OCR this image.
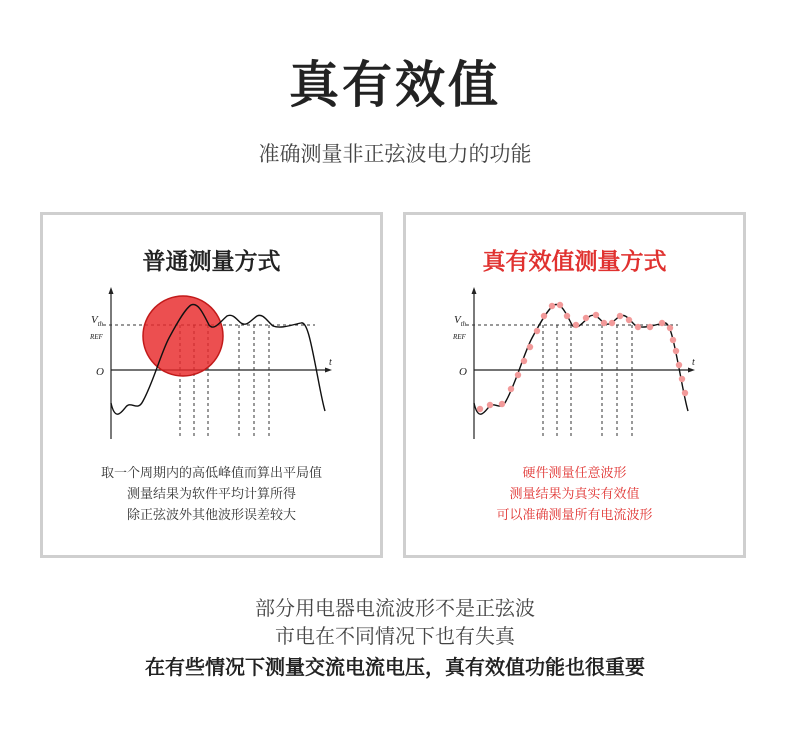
真有效值
准确测量非正弦波电力的功能
普通测量方式
$V_{th}$
REF
O
t
取一个周期内的高低峰值而算出平局值
测量结果为软件平均计算所得
除正弦波外其他波形误差较大
真有效值测量方式
$V_{th}$
REF
O
t
硬件测量任意波形
测量结果为真实有效值
可以准确测量所有电流波形
部分用电器电流波形不是正弦波
市电在不同情况下也有失真
在有些情况下测量交流电流电压，真有效值功能也很重要
